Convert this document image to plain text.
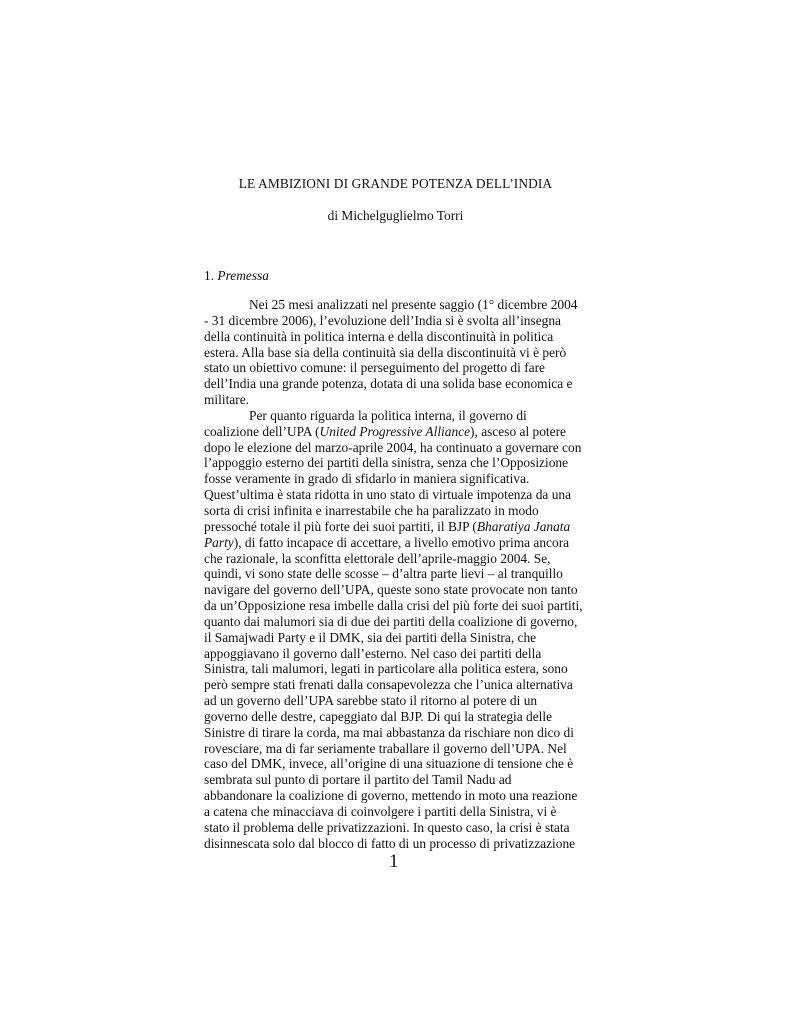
LE AMBIZIONI DI GRANDE POTENZA DELL’INDIA
di Michelguglielmo Torri
1. Premessa
Nei 25 mesi analizzati nel presente saggio (1° dicembre 2004
- 31 dicembre 2006), l’evoluzione dell’India si è svolta all’insegna
della continuità in politica interna e della discontinuità in politica
estera. Alla base sia della continuità sia della discontinuità vi è però
stato un obiettivo comune: il perseguimento del progetto di fare
dell’India una grande potenza, dotata di una solida base economica e
militare.
Per quanto riguarda la politica interna, il governo di
coalizione dell’UPA (United Progressive Alliance), asceso al potere
dopo le elezione del marzo-aprile 2004, ha continuato a governare con
l’appoggio esterno dei partiti della sinistra, senza che l’Opposizione
fosse veramente in grado di sfidarlo in maniera significativa.
Quest’ultima è stata ridotta in uno stato di virtuale impotenza da una
sorta di crisi infinita e inarrestabile che ha paralizzato in modo
pressoché totale il più forte dei suoi partiti, il BJP (Bharatiya Janata
Party), di fatto incapace di accettare, a livello emotivo prima ancora
che razionale, la sconfitta elettorale dell’aprile-maggio 2004. Se,
quindi, vi sono state delle scosse – d’altra parte lievi – al tranquillo
navigare del governo dell’UPA, queste sono state provocate non tanto
da un’Opposizione resa imbelle dalla crisi del più forte dei suoi partiti,
quanto dai malumori sia di due dei partiti della coalizione di governo,
il Samajwadi Party e il DMK, sia dei partiti della Sinistra, che
appoggiavano il governo dall’esterno. Nel caso dei partiti della
Sinistra, tali malumori, legati in particolare alla politica estera, sono
però sempre stati frenati dalla consapevolezza che l’unica alternativa
ad un governo dell’UPA sarebbe stato il ritorno al potere di un
governo delle destre, capeggiato dal BJP. Di qui la strategia delle
Sinistre di tirare la corda, ma mai abbastanza da rischiare non dico di
rovesciare, ma di far seriamente traballare il governo dell’UPA. Nel
caso del DMK, invece, all’origine di una situazione di tensione che è
sembrata sul punto di portare il partito del Tamil Nadu ad
abbandonare la coalizione di governo, mettendo in moto una reazione
a catena che minacciava di coinvolgere i partiti della Sinistra, vi è
stato il problema delle privatizzazioni. In questo caso, la crisi è stata
disinnescata solo dal blocco di fatto di un processo di privatizzazione
1
